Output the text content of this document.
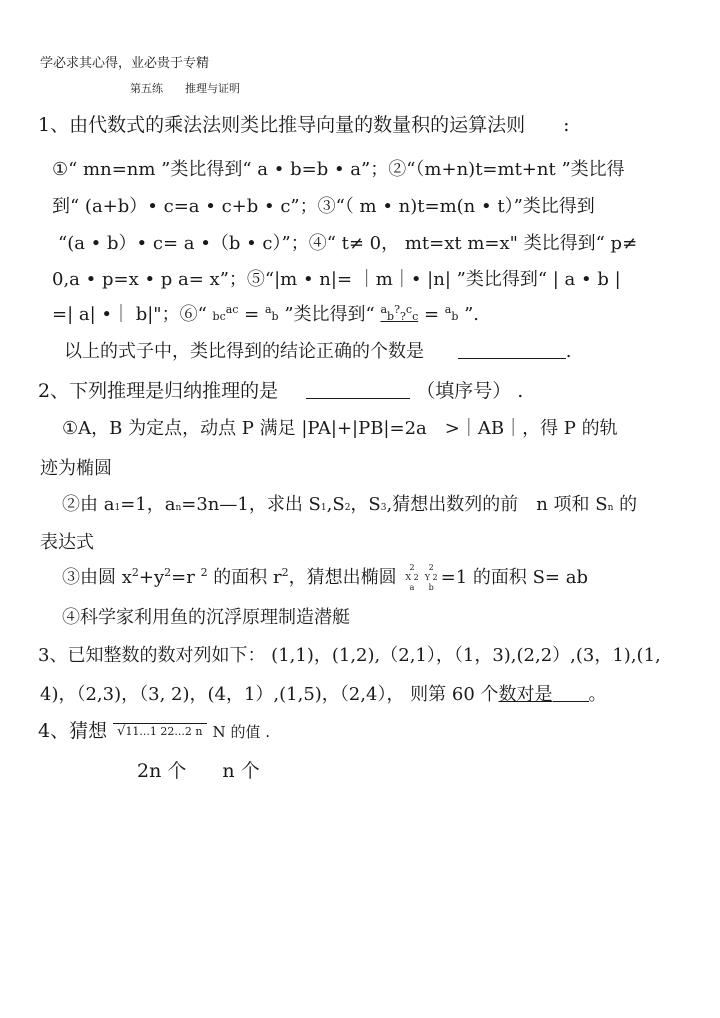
学必求其心得，业必贵于专精
第五练 推理与证明
1、由代数式的乘法法则类比推导向量的数量积的运算法则　　:
①“ mn=nm ”类比得到“ a • b=b • a”；②“（m+n)t=mt+nt ”类比得
到“ (a+b）• c=a • c+b • c”；③“（ m • n)t=m(n • t）”类比得到
“(a • b）• c= a •（b • c）”；④“ t≠ 0， mt=xt m=x" 类比得到“ p≠
0,a • p=x • p a= x”；⑤“|m • n|= ｜m｜• |n| ”类比得到“ | a • b |
=| a| •｜ b|"；⑥“ $bc^{ac} = ^ab$ ”类比得到“ $^a$b??$^c$c = $^a$b ”.
以上的式子中，类比得到的结论正确的个数是	.
2、下列推理是归纳推理的是	（填序号） .
①A，B 为定点，动点 P 满足 |PA|+|PB|=2a　>｜AB｜，得 P 的轨
迹为椭圆
②由 a1=1，an=3n—1，求出 S1,S2，S3,猜想出数列的前　n 项和 Sn 的
表达式
③由圆 $x^2+y^2=r$ $^2$ 的面积 $r^2$，猜想出椭圆	2
X 2
a
2
Y 2
b =1 的面积 S= ab
④科学家利用鱼的沉浮原理制造潜艇
3、已知整数的数对列如下： (1,1)，(1,2),（2,1），（1，3),(2,2）,(3，1),(1,
4)，（2,3)，（3, 2)，(4，1）,(1,5)，（2,4）， 则第 60 个数对是 。
4、猜想 √11...1 22...2 n N 的值 .
2n 个 n 个
